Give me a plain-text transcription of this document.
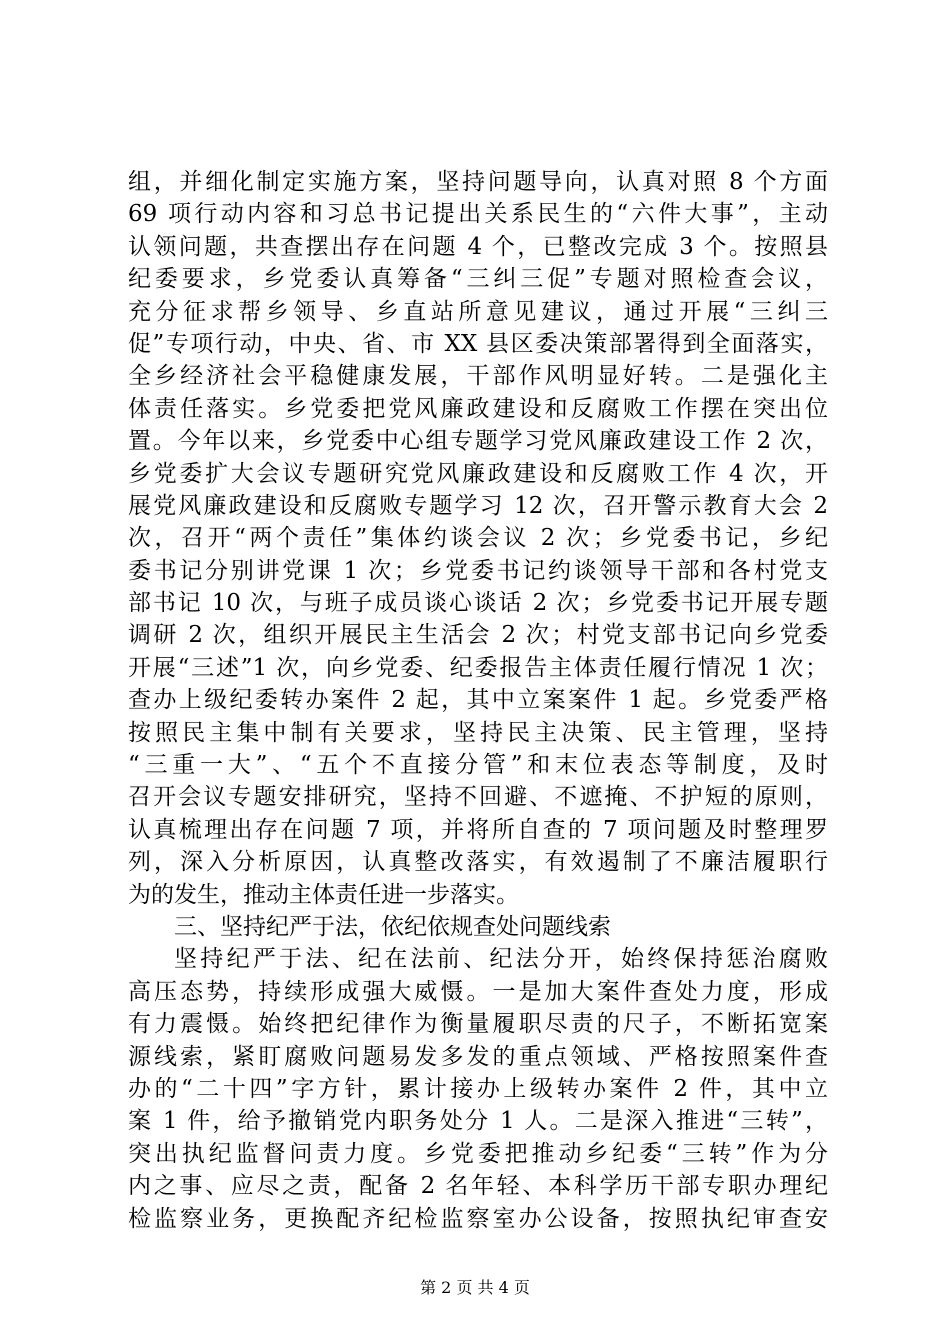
组，并细化制定实施方案，坚持问题导向，认真对照 8 个方面
69 项行动内容和习总书记提出关系民生的“六件大事”，主动
认领问题，共查摆出存在问题 4 个，已整改完成 3 个。按照县
纪委要求，乡党委认真筹备“三纠三促”专题对照检查会议，
充分征求帮乡领导、乡直站所意见建议，通过开展“三纠三
促”专项行动，中央、省、市 XX 县区委决策部署得到全面落实，
全乡经济社会平稳健康发展，干部作风明显好转。二是强化主
体责任落实。乡党委把党风廉政建设和反腐败工作摆在突出位
置。今年以来，乡党委中心组专题学习党风廉政建设工作 2 次，
乡党委扩大会议专题研究党风廉政建设和反腐败工作 4 次，开
展党风廉政建设和反腐败专题学习 12 次，召开警示教育大会 2
次，召开“两个责任”集体约谈会议 2 次；乡党委书记，乡纪
委书记分别讲党课 1 次；乡党委书记约谈领导干部和各村党支
部书记 10 次，与班子成员谈心谈话 2 次；乡党委书记开展专题
调研 2 次，组织开展民主生活会 2 次；村党支部书记向乡党委
开展“三述”1 次，向乡党委、纪委报告主体责任履行情况 1 次；
查办上级纪委转办案件 2 起，其中立案案件 1 起。乡党委严格
按照民主集中制有关要求，坚持民主决策、民主管理，坚持
“三重一大”、“五个不直接分管”和末位表态等制度，及时
召开会议专题安排研究，坚持不回避、不遮掩、不护短的原则，
认真梳理出存在问题 7 项，并将所自查的 7 项问题及时整理罗
列，深入分析原因，认真整改落实，有效遏制了不廉洁履职行
为的发生，推动主体责任进一步落实。
三、坚持纪严于法，依纪依规查处问题线索
坚持纪严于法、纪在法前、纪法分开，始终保持惩治腐败
高压态势，持续形成强大威慑。一是加大案件查处力度，形成
有力震慑。始终把纪律作为衡量履职尽责的尺子，不断拓宽案
源线索，紧盯腐败问题易发多发的重点领域、严格按照案件查
办的“二十四”字方针，累计接办上级转办案件 2 件，其中立
案 1 件，给予撤销党内职务处分 1 人。二是深入推进“三转”，
突出执纪监督问责力度。乡党委把推动乡纪委“三转”作为分
内之事、应尽之责，配备 2 名年轻、本科学历干部专职办理纪
检监察业务，更换配齐纪检监察室办公设备，按照执纪审查安
第 2 页 共 4 页
